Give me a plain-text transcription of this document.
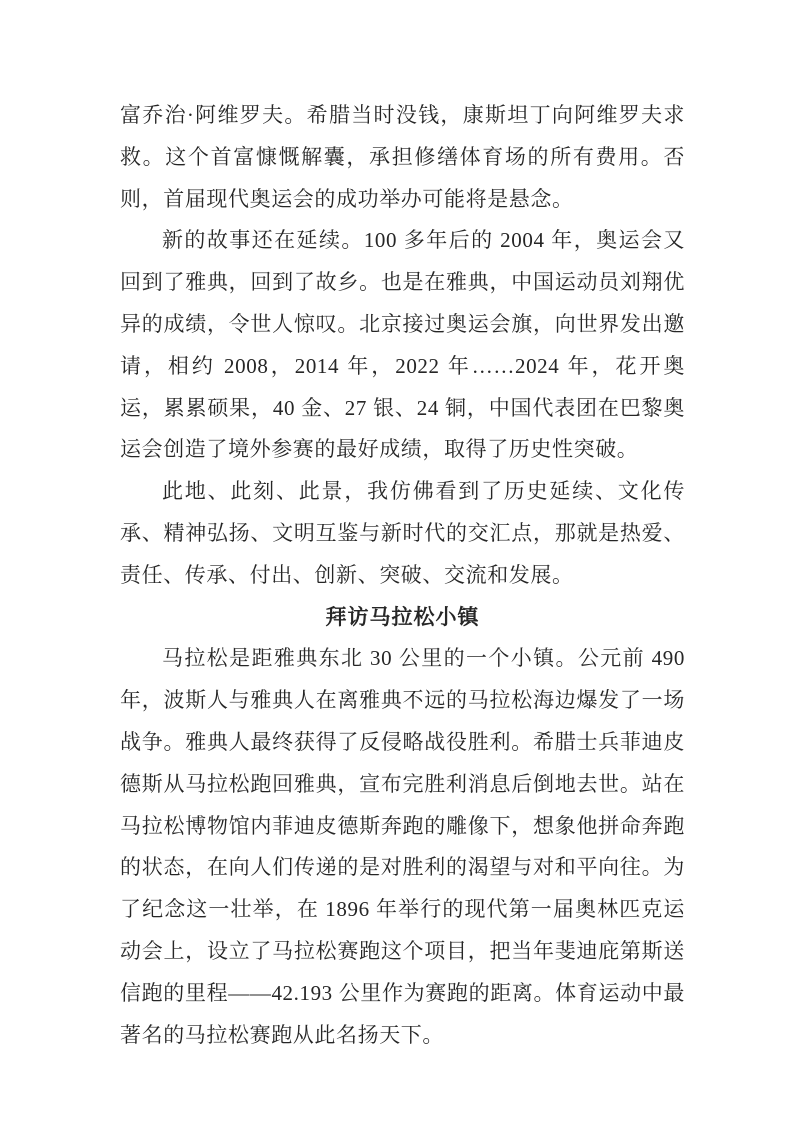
富乔治·阿维罗夫。希腊当时没钱，康斯坦丁向阿维罗夫求救。这个首富慷慨解囊，承担修缮体育场的所有费用。否则，首届现代奥运会的成功举办可能将是悬念。

新的故事还在延续。100 多年后的 2004 年，奥运会又回到了雅典，回到了故乡。也是在雅典，中国运动员刘翔优异的成绩，令世人惊叹。北京接过奥运会旗，向世界发出邀请，相约 2008，2014 年，2022 年……2024 年，花开奥运，累累硕果，40 金、27 银、24 铜，中国代表团在巴黎奥运会创造了境外参赛的最好成绩，取得了历史性突破。

此地、此刻、此景，我仿佛看到了历史延续、文化传承、精神弘扬、文明互鉴与新时代的交汇点，那就是热爱、责任、传承、付出、创新、突破、交流和发展。

拜访马拉松小镇

马拉松是距雅典东北 30 公里的一个小镇。公元前 490 年，波斯人与雅典人在离雅典不远的马拉松海边爆发了一场战争。雅典人最终获得了反侵略战役胜利。希腊士兵菲迪皮德斯从马拉松跑回雅典，宣布完胜利消息后倒地去世。站在马拉松博物馆内菲迪皮德斯奔跑的雕像下，想象他拼命奔跑的状态，在向人们传递的是对胜利的渴望与对和平向往。为了纪念这一壮举，在 1896 年举行的现代第一届奥林匹克运动会上，设立了马拉松赛跑这个项目，把当年斐迪庇第斯送信跑的里程——42.193 公里作为赛跑的距离。体育运动中最著名的马拉松赛跑从此名扬天下。
